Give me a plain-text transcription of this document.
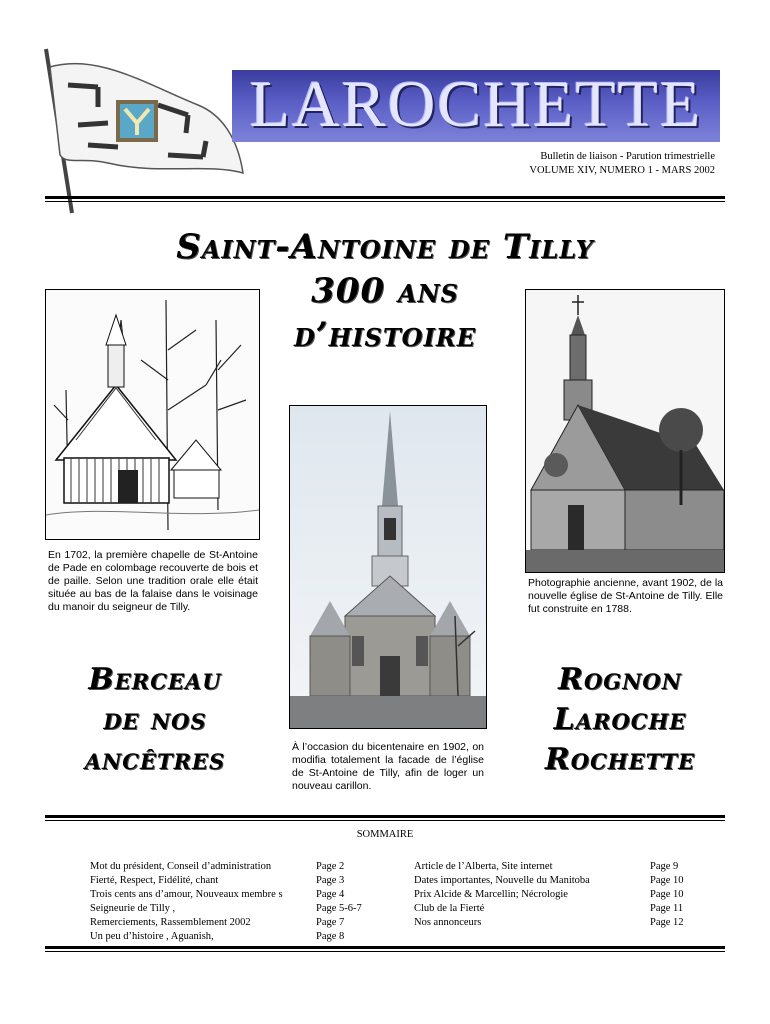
LAROCHETTE
Bulletin de liaison - Parution trimestrielle
VOLUME XIV, NUMERO 1 - MARS 2002
Saint-Antoine de Tilly
300 ans
d’histoire
En 1702, la première chapelle de St-Antoine de Pade en colombage recouverte de bois et de paille. Selon une tradition orale elle était située au bas de la falaise dans le voisinage du manoir du seigneur de Tilly.
À l’occasion du bicentenaire en 1902, on modifia totalement la facade de l’église de St-Antoine de Tilly, afin de loger un nouveau carillon.
Photographie ancienne, avant 1902, de la nouvelle église de St-Antoine de Tilly. Elle fut construite en 1788.
Berceau
de nos
ancêtres
Rognon
Laroche
Rochette
SOMMAIRE
Mot du président, Conseil d’administration	Page 2
Fierté, Respect, Fidélité, chant	Page 3
Trois cents ans d’amour, Nouveaux membre s	Page 4
Seigneurie de Tilly ,	Page 5-6-7
Remerciements, Rassemblement 2002	Page 7
Un peu d’histoire , Aguanish,	Page 8
Article de l’Alberta, Site internet	Page 9
Dates importantes, Nouvelle du Manitoba	Page 10
Prix Alcide & Marcellin; Nécrologie	Page 10
Club de la Fierté	Page 11
Nos annonceurs	Page 12
